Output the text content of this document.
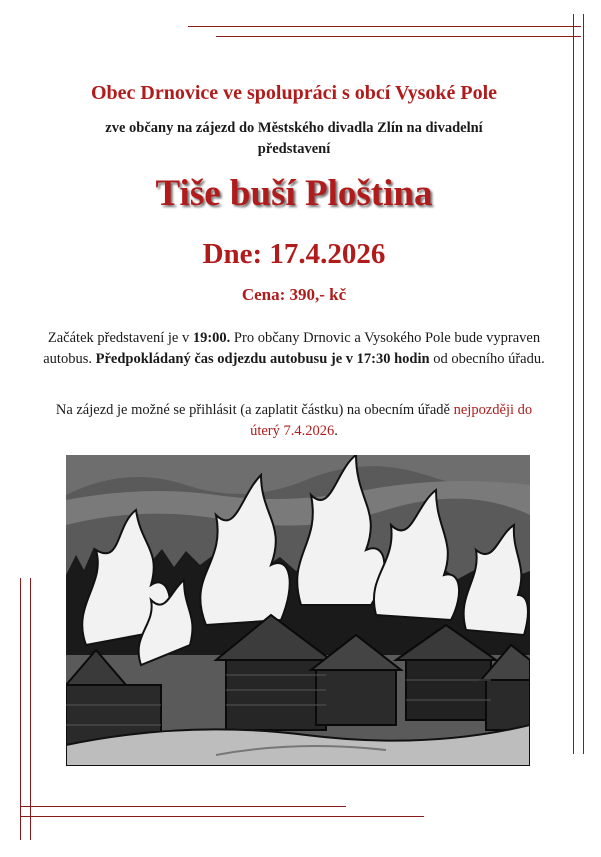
Obec Drnovice ve spolupráci s obcí Vysoké Pole
zve občany na zájezd do Městského divadla Zlín na divadelní
představení
Tiše buší Ploština
Dne: 17.4.2026
Cena: 390,- kč
Začátek představení je v 19:00. Pro občany Drnovic a Vysokého Pole bude vypraven autobus. Předpokládaný čas odjezdu autobusu je v 17:30 hodin od obecního úřadu.
Na zájezd je možné se přihlásit (a zaplatit částku) na obecním úřadě nejpozději do úterý 7.4.2026.
